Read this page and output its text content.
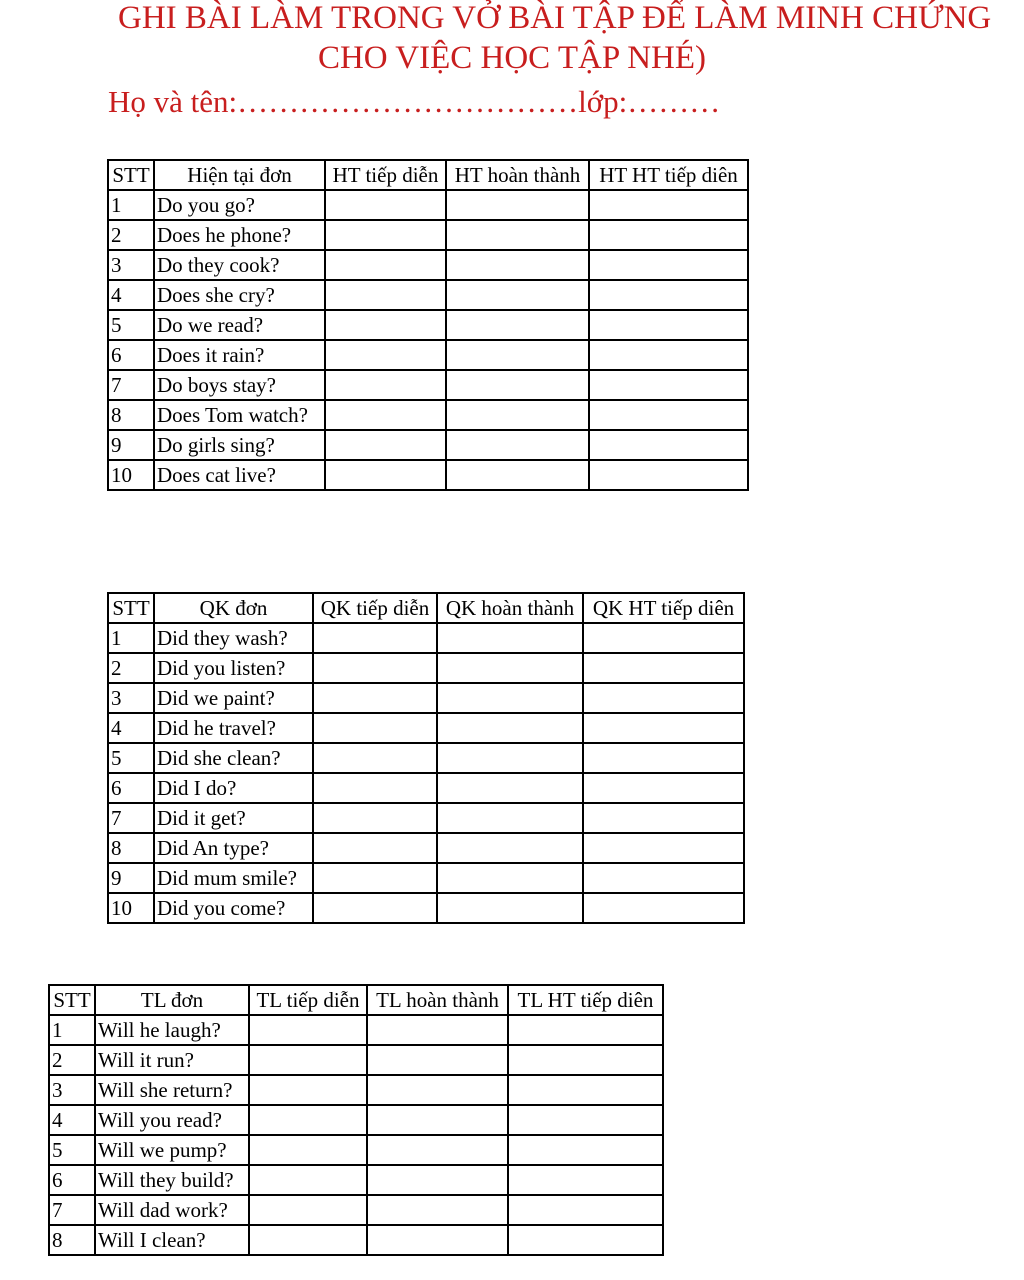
GHI BÀI LÀM TRONG VỞ BÀI TẬP ĐỂ LÀM MINH CHỨNG
CHO VIỆC HỌC TẬP NHÉ)
Họ và tên:……………………………lớp:………
STT	Hiện tại đơn	HT tiếp diễn	HT hoàn thành	HT HT tiếp diên
1	Do you go?			
2	Does he phone?			
3	Do they cook?			
4	Does she cry?			
5	Do we read?			
6	Does it rain?			
7	Do boys stay?			
8	Does Tom watch?			
9	Do girls sing?			
10	Does cat live?			
STT	QK đơn	QK tiếp diễn	QK hoàn thành	QK HT tiếp diên
1	Did they wash?			
2	Did you listen?			
3	Did we paint?			
4	Did he travel?			
5	Did she clean?			
6	Did I do?			
7	Did it get?			
8	Did An type?			
9	Did mum smile?			
10	Did you come?			
STT	TL đơn	TL tiếp diễn	TL hoàn thành	TL HT tiếp diên
1	Will he laugh?			
2	Will it run?			
3	Will she return?			
4	Will you read?			
5	Will we pump?			
6	Will they build?			
7	Will dad work?			
8	Will I clean?			
